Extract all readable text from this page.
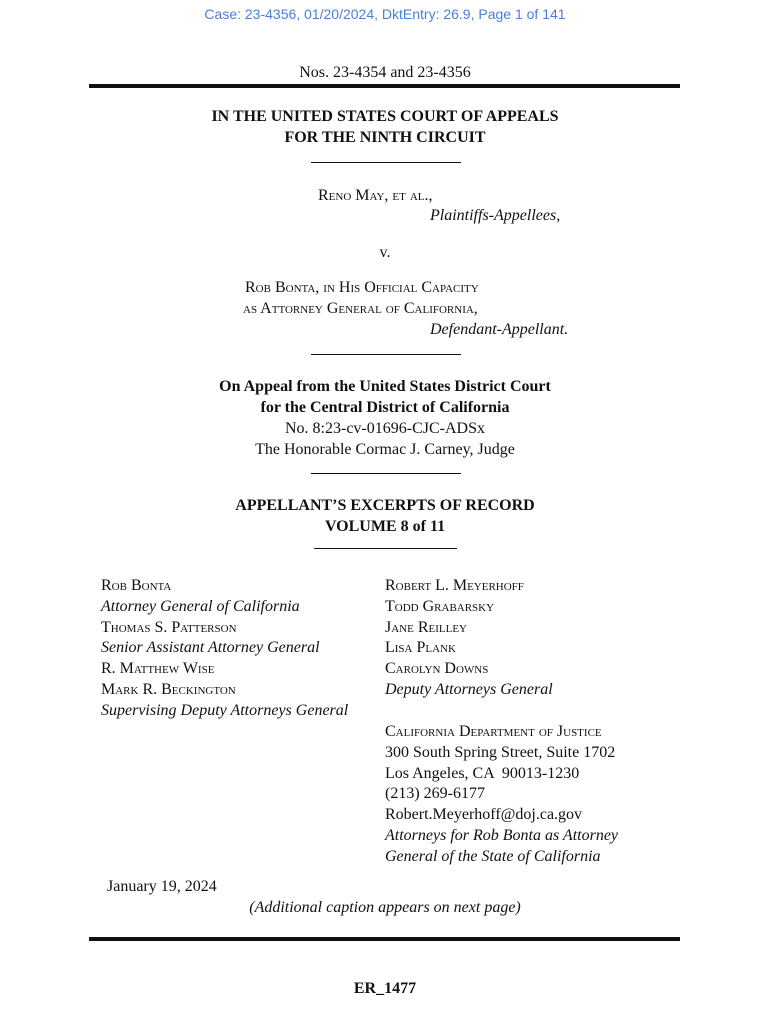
Case: 23-4356, 01/20/2024, DktEntry: 26.9, Page 1 of 141
Nos. 23-4354 and 23-4356
IN THE UNITED STATES COURT OF APPEALS
FOR THE NINTH CIRCUIT
Reno May, et al.,
Plaintiffs-Appellees,
v.
Rob Bonta, in His Official Capacity
as Attorney General of California,
Defendant-Appellant.
On Appeal from the United States District Court
for the Central District of California
No. 8:23-cv-01696-CJC-ADSx
The Honorable Cormac J. Carney, Judge
APPELLANT’S EXCERPTS OF RECORD
VOLUME 8 of 11
Rob Bonta
Attorney General of California
Thomas S. Patterson
Senior Assistant Attorney General
R. Matthew Wise
Mark R. Beckington
Supervising Deputy Attorneys General
Robert L. Meyerhoff
Todd Grabarsky
Jane Reilley
Lisa Plank
Carolyn Downs
Deputy Attorneys General
California Department of Justice
300 South Spring Street, Suite 1702
Los Angeles, CA  90013-1230
(213) 269-6177
Robert.Meyerhoff@doj.ca.gov
Attorneys for Rob Bonta as Attorney
General of the State of California
January 19, 2024
(Additional caption appears on next page)
ER_1477
